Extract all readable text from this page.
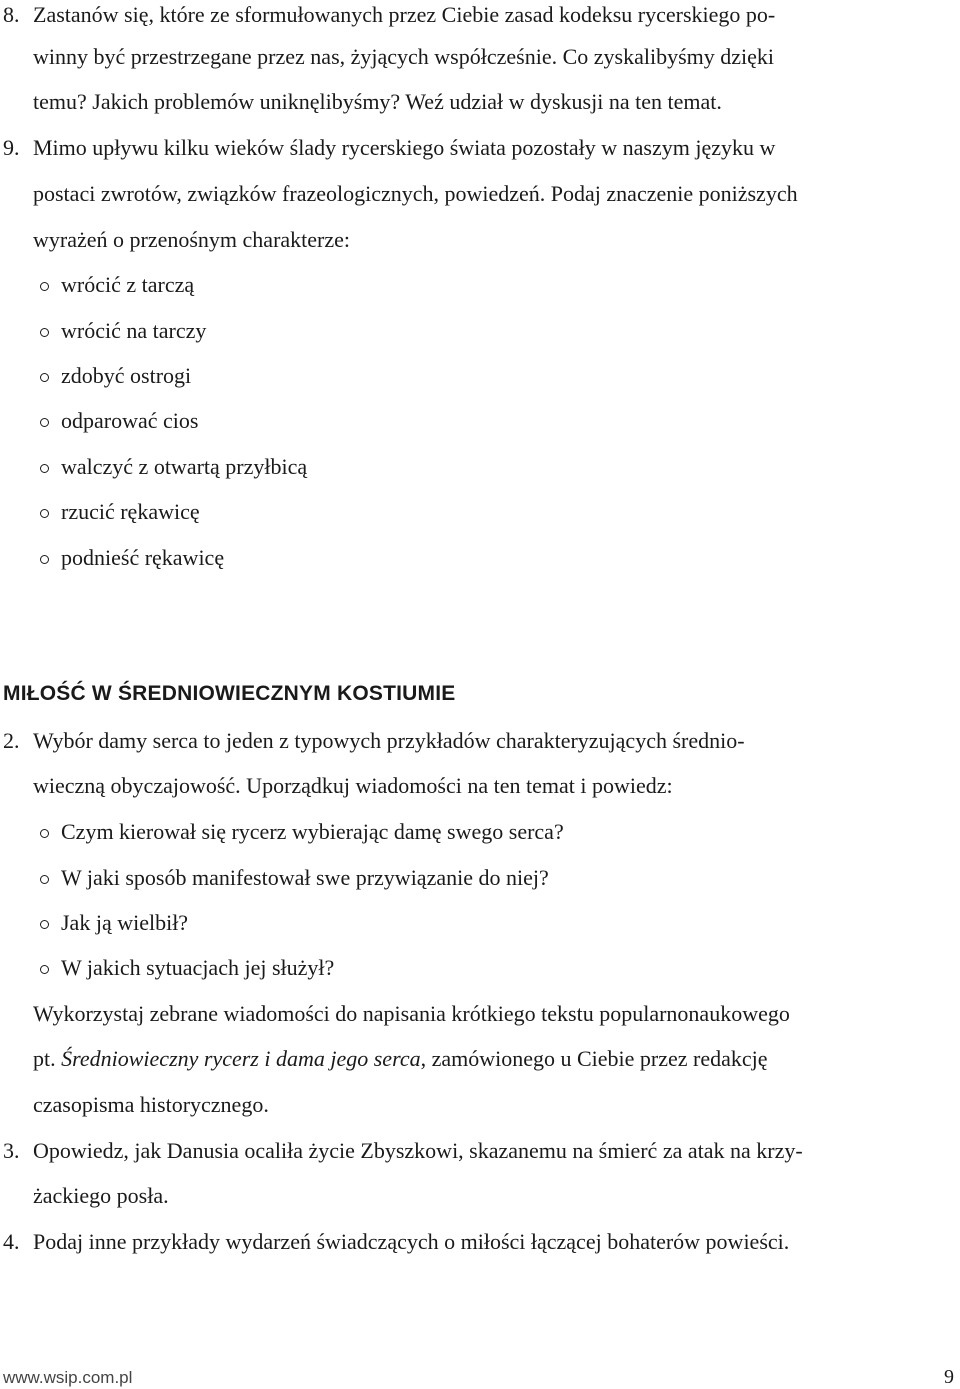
8. Zastanów się, które ze sformułowanych przez Ciebie zasad kodeksu rycerskiego po-
winny być przestrzegane przez nas, żyjących współcześnie. Co zyskalibyśmy dzięki
temu? Jakich problemów uniknęlibyśmy? Weź udział w dyskusji na ten temat.
9. Mimo upływu kilku wieków ślady rycerskiego świata pozostały w naszym języku w
postaci zwrotów, związków frazeologicznych, powiedzeń. Podaj znaczenie poniższych
wyrażeń o przenośnym charakterze:
wrócić z tarczą
wrócić na tarczy
zdobyć ostrogi
odparować cios
walczyć z otwartą przyłbicą
rzucić rękawicę
podnieść rękawicę
MIŁOŚĆ W ŚREDNIOWIECZNYM KOSTIUMIE
2. Wybór damy serca to jeden z typowych przykładów charakteryzujących średnio-
wieczną obyczajowość. Uporządkuj wiadomości na ten temat i powiedz:
Czym kierował się rycerz wybierając damę swego serca?
W jaki sposób manifestował swe przywiązanie do niej?
Jak ją wielbił?
W jakich sytuacjach jej służył?
Wykorzystaj zebrane wiadomości do napisania krótkiego tekstu popularnonaukowego
pt. Średniowieczny rycerz i dama jego serca, zamówionego u Ciebie przez redakcję
czasopisma historycznego.
3. Opowiedz, jak Danusia ocaliła życie Zbyszkowi, skazanemu na śmierć za atak na krzy-
żackiego posła.
4. Podaj inne przykłady wydarzeń świadczących o miłości łączącej bohaterów powieści.
www.wsip.com.pl	9
